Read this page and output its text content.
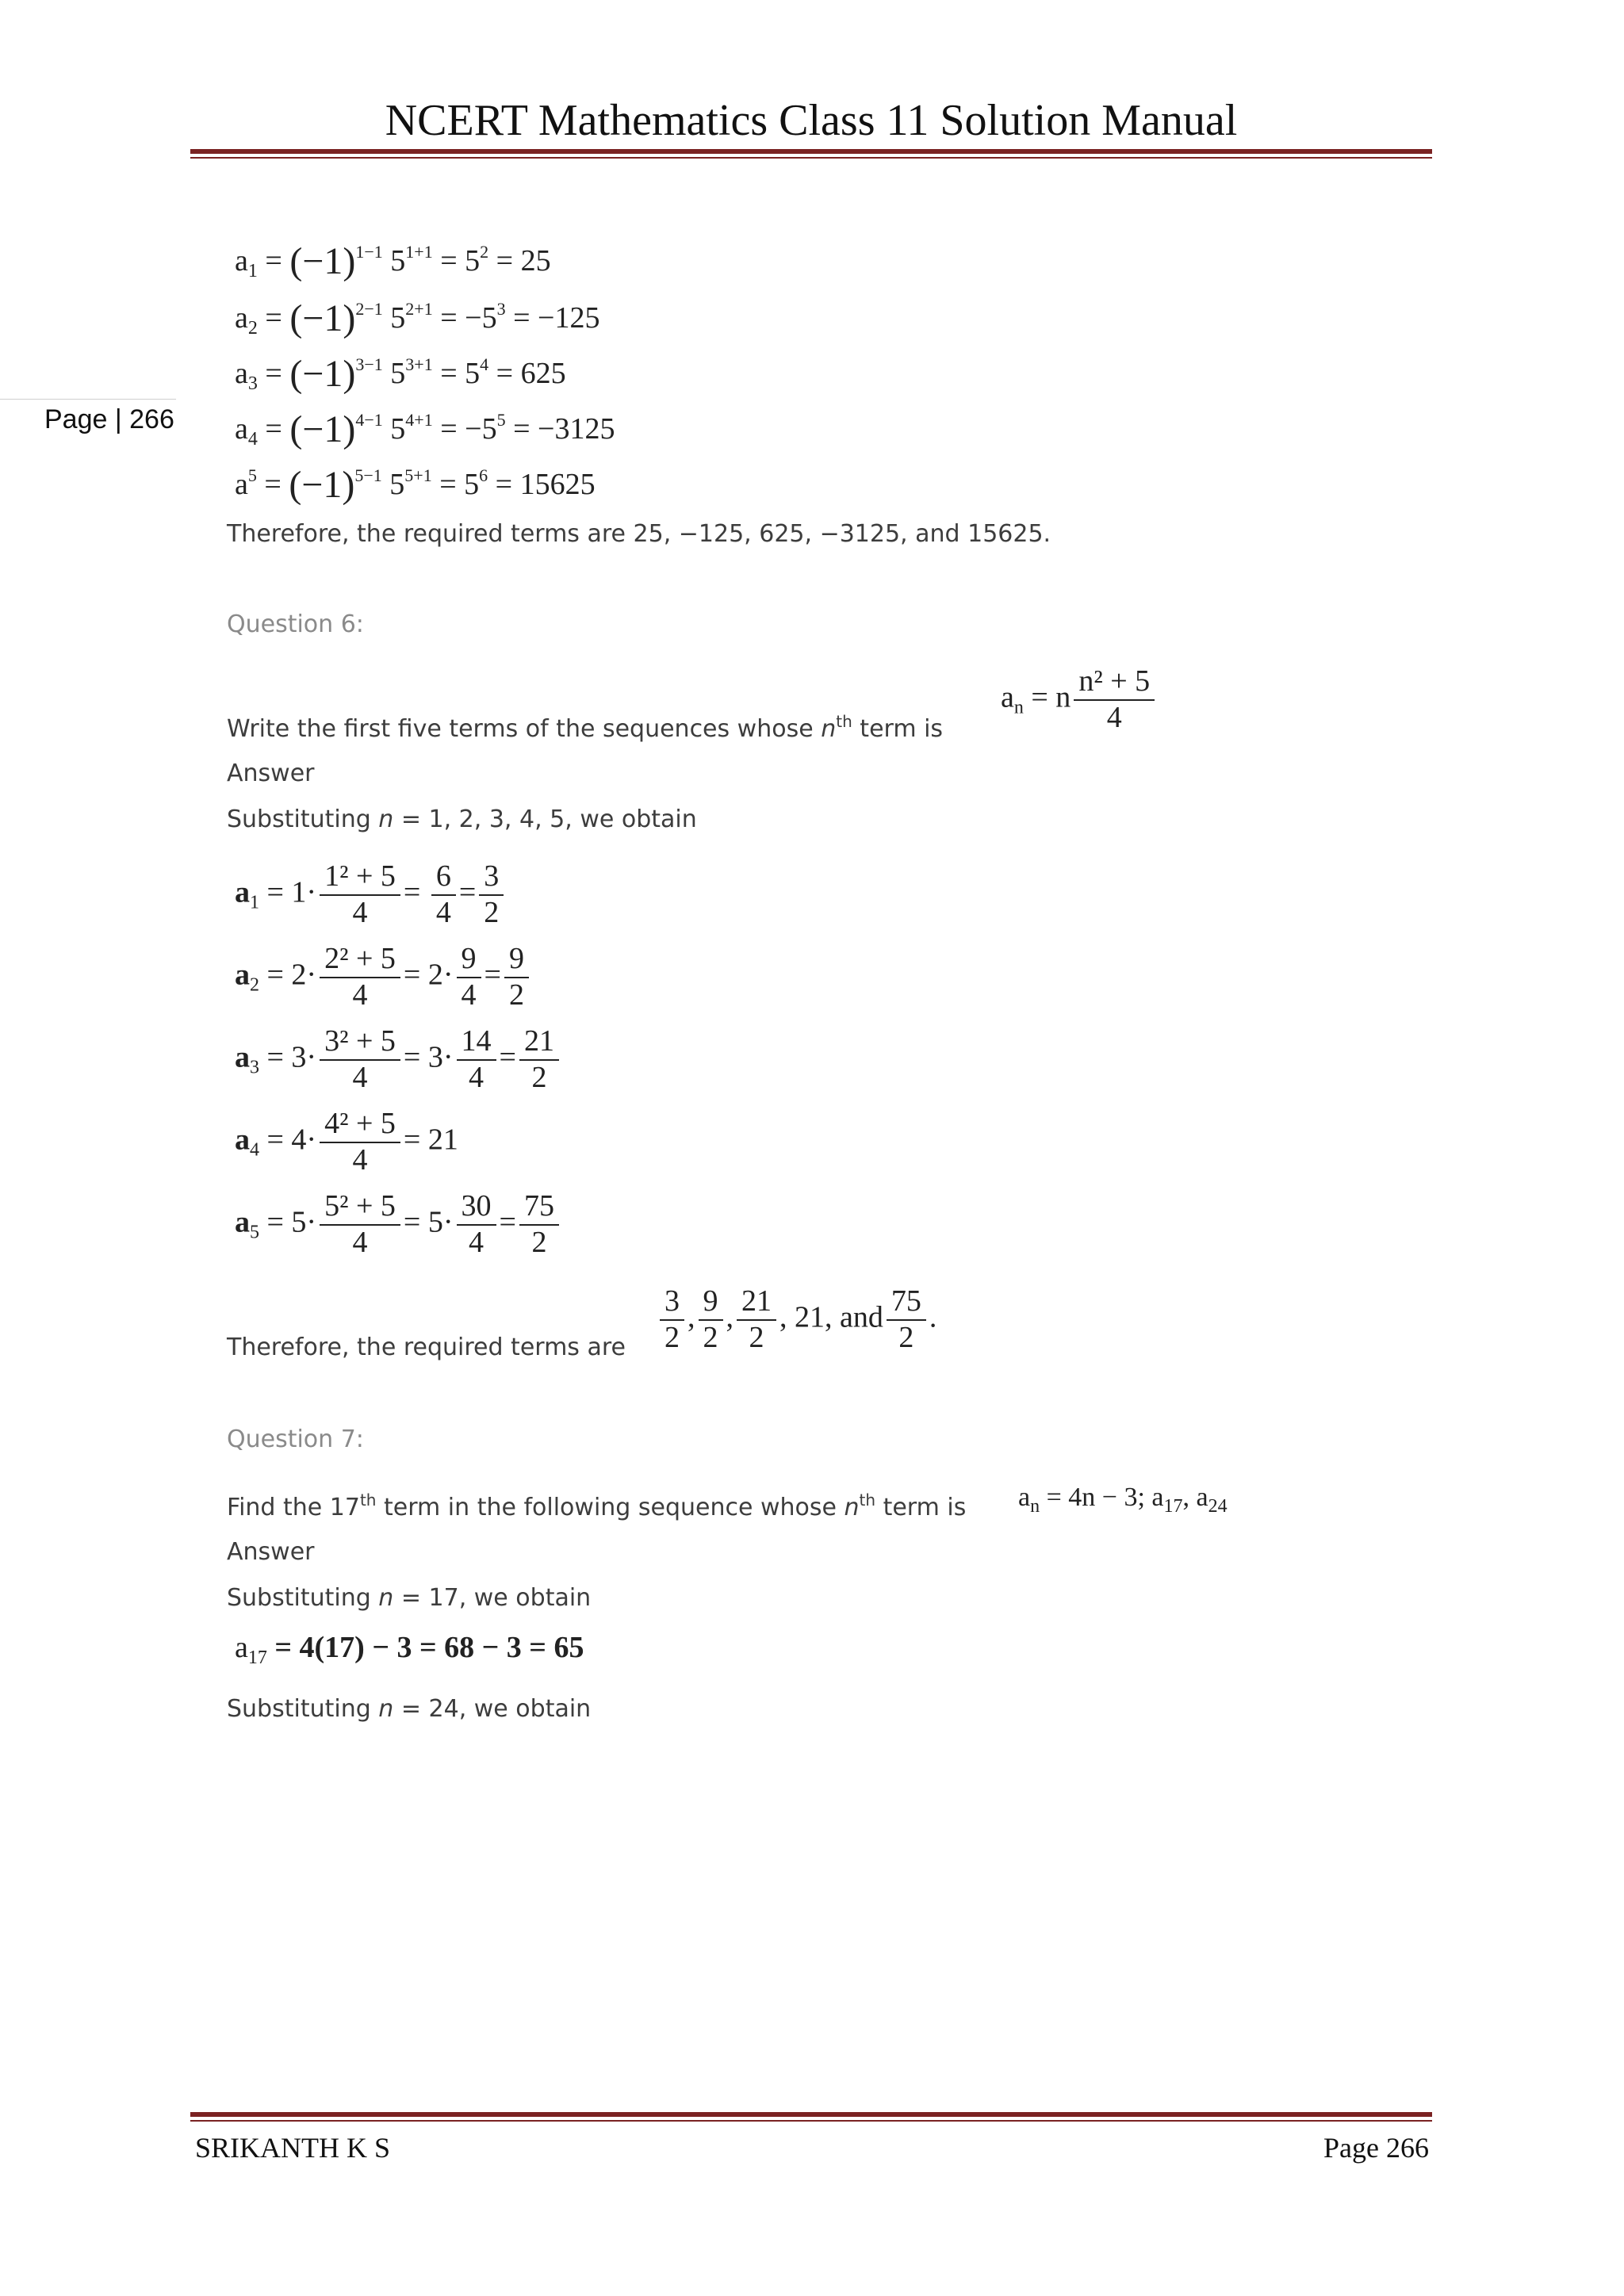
NCERT Mathematics Class 11 Solution Manual
Page | 266
$a_1 = (-1)^{1-1}$ $5^{1+1} = 5^2 = 25$
$a_2 = (-1)^{2-1}$ $5^{2+1} = -5^3 = -125$
$a_3 = (-1)^{3-1}$ $5^{3+1} = 5^4 = 625$
$a_4 = (-1)^{4-1}$ $5^{4+1} = -5^5 = -3125$
$a^5 = (-1)^{5-1}$ $5^{5+1} = 5^6 = 15625$
Therefore, the required terms are 25, −125, 625, −3125, and 15625.
Question 6:
Write the first five terms of the sequences whose $n^{th}$ term is
$a_n = n \frac{\text{n² + 5}}{4}$
Answer
Substituting n = 1, 2, 3, 4, 5, we obtain
$a_1 = 1\cdot \frac{\text{1² + 5}}{4} = \frac{6}{4} = \frac{3}{2}$
$a_2 = 2\cdot \frac{\text{2² + 5}}{4} = 2\cdot \frac{9}{4} = \frac{9}{2}$
$a_3 = 3\cdot \frac{\text{3² + 5}}{4} = 3\cdot \frac{14}{4} = \frac{21}{2}$
$a_4 = 4\cdot \frac{\text{4² + 5}}{4} = 21$
$a_5 = 5\cdot \frac{\text{5² + 5}}{4} = 5\cdot \frac{30}{4} = \frac{75}{2}$
Therefore, the required terms are $\frac{3}{2}$ , $\frac{9}{2}$ , $\frac{21}{2}$ , 21, and $\frac{75}{2}$ .
Question 7:
Find the 17th term in the following sequence whose $n^{th}$ term is $a_n = 4n - 3$; $a_{17}$, $a_{24}$
Answer
Substituting n = 17, we obtain
$a_{17} = 4(17) - 3 = 68 - 3 = 65$
Substituting n = 24, we obtain
SRIKANTH K S	Page 266
